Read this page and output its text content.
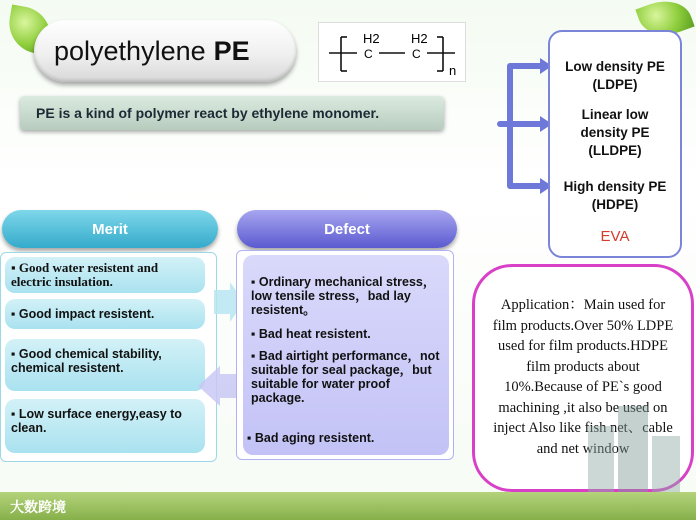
polyethylene PE	H2 H2
C	C
n
PE is a kind of polymer react by ethylene monomer.
Low density PE (LDPE)
Linear low density PE (LLDPE)
High density PE (HDPE)
EVA
Merit	Defect
▪ Good water resistent and electric insulation.
▪ Good impact resistent.
▪ Good chemical stability, chemical resistent.
▪ Low surface energy,easy to clean.
▪ Ordinary mechanical stress，low tensile stress，bad lay resistent。
▪ Bad heat resistent.
▪ Bad airtight performance，not suitable for seal package，but suitable for water proof package.
▪ Bad aging resistent.
Application：Main used for film products.Over 50% LDPE used for film products.HDPE film products about 10%.Because of PE`s good machining ,it also be used on inject Also like fish net、cable and net window
大数跨境
